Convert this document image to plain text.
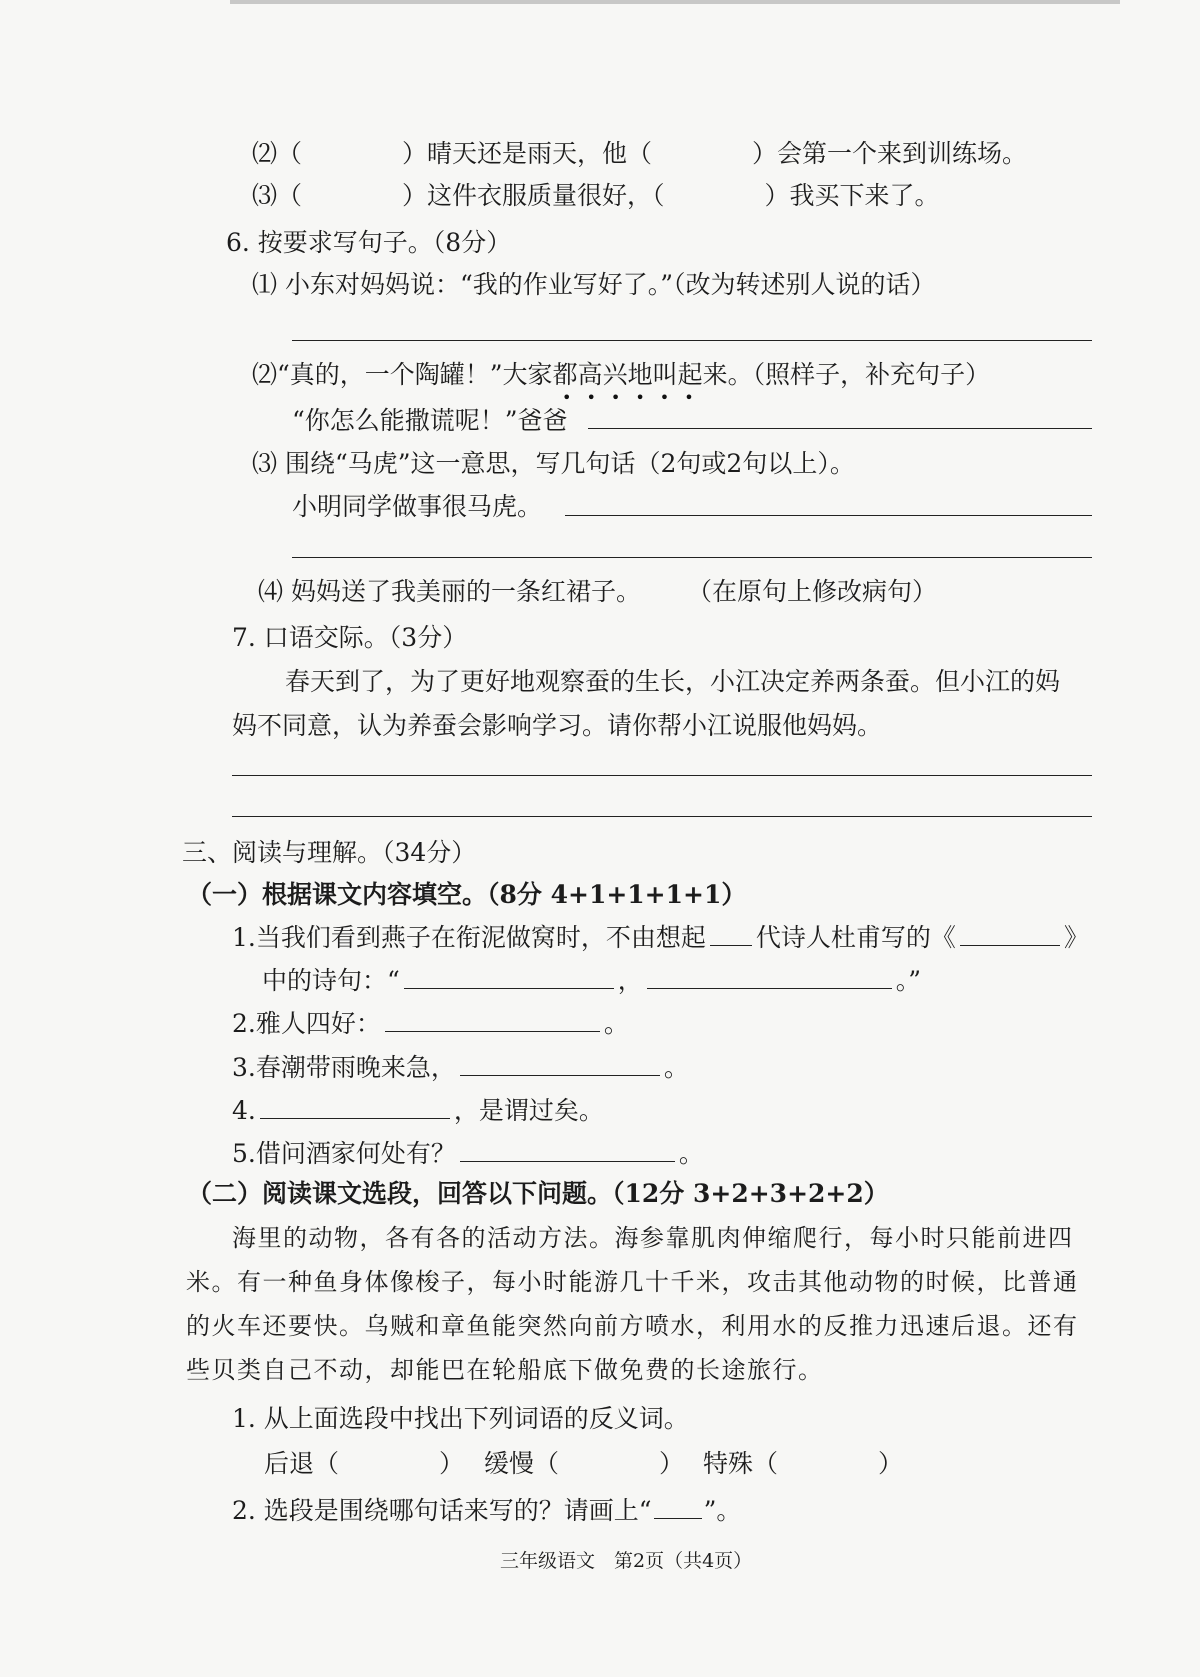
⑵（　　　　）晴天还是雨天，他（　　　　）会第一个来到训练场。
⑶（　　　　）这件衣服质量很好，（　　　　）我买下来了。
6. 按要求写句子。（8分）
⑴ 小东对妈妈说：“我的作业写好了。”（改为转述别人说的话）
⑵“真的，一个陶罐！”大家都高兴地叫起来。（照样子，补充句子）
••••••
“你怎么能撒谎呢！”爸爸
⑶ 围绕“马虎”这一意思，写几句话（2句或2句以上）。
小明同学做事很马虎。
⑷ 妈妈送了我美丽的一条红裙子。 （在原句上修改病句）
7. 口语交际。（3分）
春天到了，为了更好地观察蚕的生长，小江决定养两条蚕。但小江的妈
妈不同意，认为养蚕会影响学习。请你帮小江说服他妈妈。
三、阅读与理解。（34分）
（一）根据课文内容填空。（8分 4+1+1+1+1）
1.当我们看到燕子在衔泥做窝时，不由想起 代诗人杜甫写的《	》
中的诗句：“	，	。”
2.雅人四好：	。
3.春潮带雨晚来急，	。
4.	，是谓过矣。
5.借问酒家何处有？	。
（二）阅读课文选段，回答以下问题。（12分 3+2+3+2+2）
海里的动物，各有各的活动方法。海参靠肌肉伸缩爬行，每小时只能前进四
米。有一种鱼身体像梭子，每小时能游几十千米，攻击其他动物的时候，比普通
的火车还要快。乌贼和章鱼能突然向前方喷水，利用水的反推力迅速后退。还有
些贝类自己不动，却能巴在轮船底下做免费的长途旅行。
1. 从上面选段中找出下列词语的反义词。
后退（　　　　） 缓慢（　　　　） 特殊（　　　　）
2. 选段是围绕哪句话来写的？请画上“ ”。
三年级语文　第2页（共4页）
